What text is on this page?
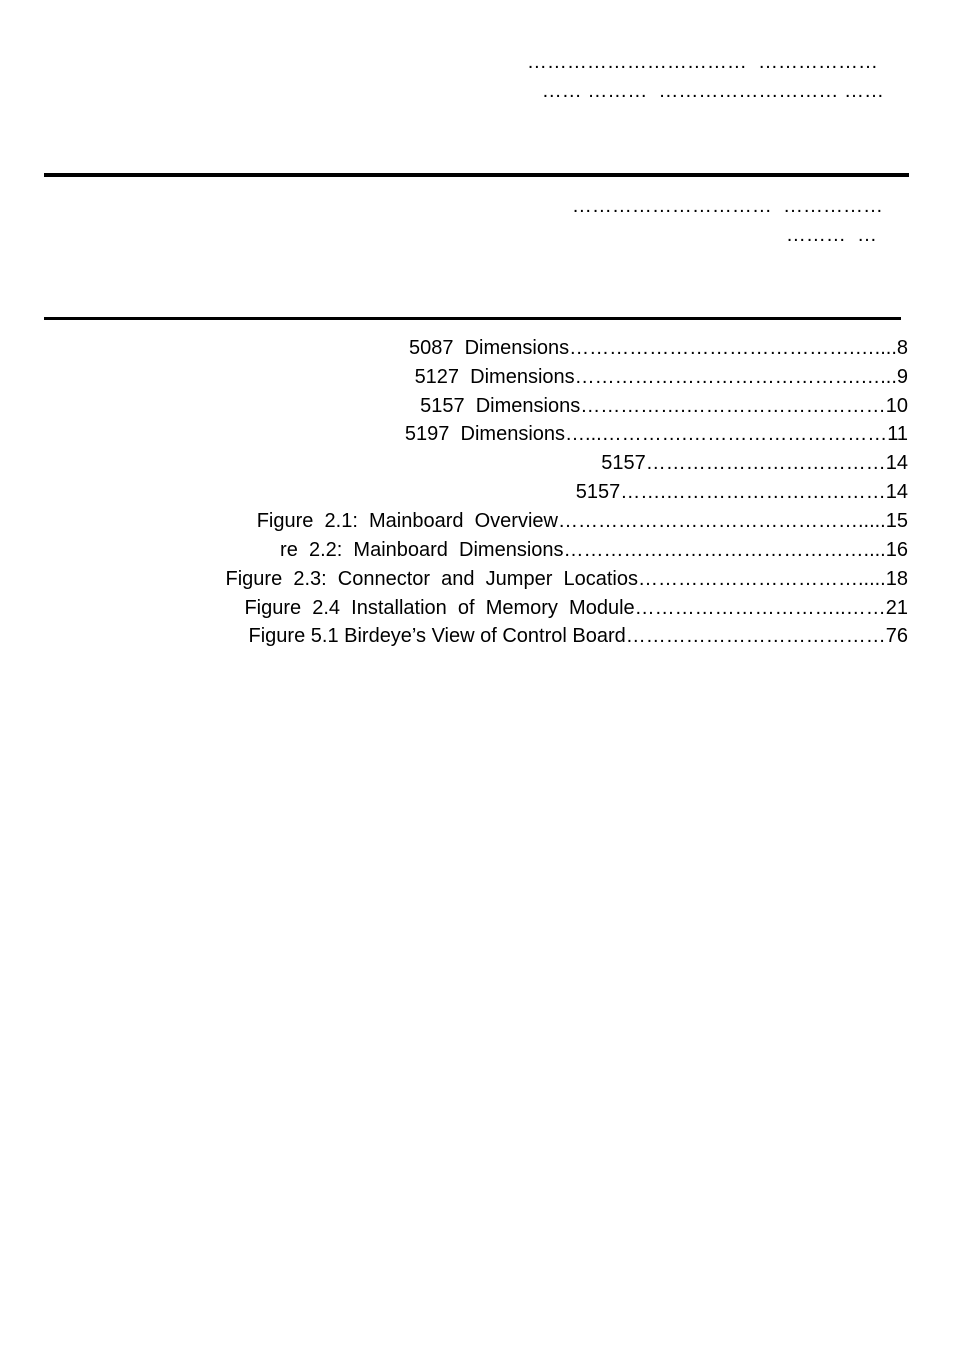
……………………………  ………………
…… ………  ……………………… ……
…………………………  ……………
………  …
5087  Dimensions…………………………………….…....8
5127  Dimensions…………………………………….…...9
5157  Dimensions…………….…………………………10
5197  Dimensions…...………….…………………………11
5157………………………………14
5157…….……………………………14
Figure  2.1:  Mainboard  Overview……………………………………….....15
re  2.2:  Mainboard  Dimensions………………………………………....16
Figure  2.3:  Connector  and  Jumper  Locatios…………………………….....18
Figure  2.4  Installation  of  Memory  Module…………………………..……21
Figure 5.1 Birdeye’s View of Control Board…………………………………76
